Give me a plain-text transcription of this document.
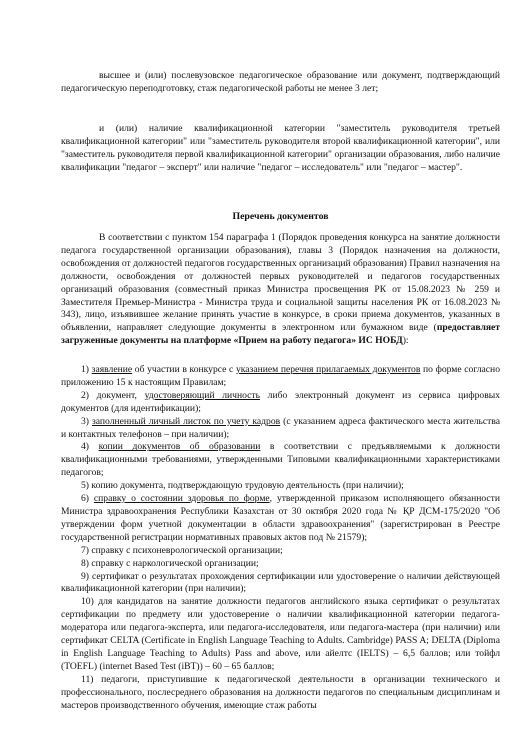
высшее и (или) послевузовское педагогическое образование или документ, подтверждающий педагогическую переподготовку, стаж педагогической работы не менее 3 лет;
и (или) наличие квалификационной категории "заместитель руководителя третьей квалификационной категории" или "заместитель руководителя второй квалификационной категории", или "заместитель руководителя первой квалификационной категории" организации образования, либо наличие квалификации "педагог – эксперт" или наличие "педагог – исследователь" или "педагог – мастер".
Перечень документов
В соответствии с пунктом 154 параграфа 1 (Порядок проведения конкурса на занятие должности педагога государственной организации образования), главы 3 (Порядок назначения на должности, освобождения от должностей педагогов государственных организаций образования) Правил назначения на должности, освобождения от должностей первых руководителей и педагогов государственных организаций образования (совместный приказ Министра просвещения РК от 15.08.2023 № 259 и Заместителя Премьер-Министра - Министра труда и социальной защиты населения РК от 16.08.2023 № 343), лицо, изъявившее желание принять участие в конкурсе, в сроки приема документов, указанных в объявлении, направляет следующие документы в электронном или бумажном виде (предоставляет загруженные документы на платформе «Прием на работу педагога» ИС НОБД):

1) заявление об участии в конкурсе с указанием перечня прилагаемых документов по форме согласно приложению 15 к настоящим Правилам;

2) документ, удостоверяющий личность либо электронный документ из сервиса цифровых документов (для идентификации);

3) заполненный личный листок по учету кадров (с указанием адреса фактического места жительства и контактных телефонов – при наличии);

4) копии документов об образовании в соответствии с предъявляемыми к должности квалификационными требованиями, утвержденными Типовыми квалификационными характеристиками педагогов;

5) копию документа, подтверждающую трудовую деятельность (при наличии);

6) справку о состоянии здоровья по форме, утвержденной приказом исполняющего обязанности Министра здравоохранения Республики Казахстан от 30 октября 2020 года № ҚР ДСМ-175/2020 "Об утверждении форм учетной документации в области здравоохранения" (зарегистрирован в Реестре государственной регистрации нормативных правовых актов под № 21579);

7) справку с психоневрологической организации;

8) справку с наркологической организации;

9) сертификат о результатах прохождения сертификации или удостоверение о наличии действующей квалификационной категории (при наличии);

10) для кандидатов на занятие должности педагогов английского языка сертификат о результатах сертификации по предмету или удостоверение о наличии квалификационной категории педагога-модератора или педагога-эксперта, или педагога-исследователя, или педагога-мастера (при наличии) или сертификат CELTA (Certificate in English Language Teaching to Adults. Cambridge) PASS A; DELTA (Diploma in English Language Teaching to Adults) Pass and above, или айелтс (IELTS) – 6,5 баллов; или тойфл (TOEFL) (internet Based Test (iBT)) – 60 – 65 баллов;

11) педагоги, приступившие к педагогической деятельности в организации технического и профессионального, послесреднего образования на должности педагогов по специальным дисциплинам и мастеров производственного обучения, имеющие стаж работы
